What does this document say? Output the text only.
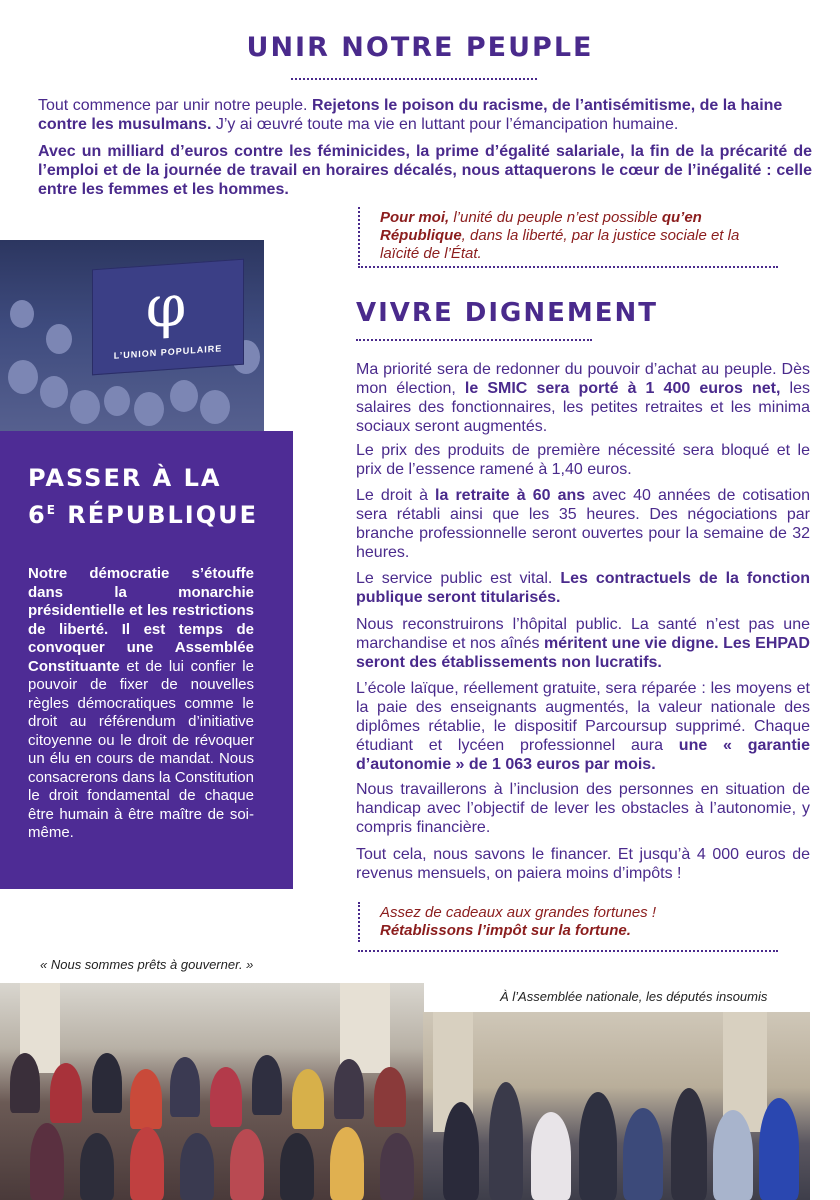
UNIR NOTRE PEUPLE
Tout commence par unir notre peuple. Rejetons le poison du racisme, de l’antisémitisme, de la haine contre les musulmans. J’y ai œuvré toute ma vie en luttant pour l’émancipation humaine.
Avec un milliard d’euros contre les féminicides, la prime d’égalité salariale, la fin de la précarité de l’emploi et de la journée de travail en horaires décalés, nous attaquerons le cœur de l’inégalité : celle entre les femmes et les hommes.
Pour moi, l’unité du peuple n’est possible qu’en République, dans la liberté, par la justice sociale et la laïcité de l’État.
φ
L’UNION POPULAIRE
PASSER À LA
$6^E$ RÉPUBLIQUE
Notre démocratie s’étouffe dans la monarchie présidentielle et les restrictions de liberté. Il est temps de convoquer une Assemblée Constituante et de lui confier le pouvoir de fixer de nouvelles règles démocratiques comme le droit au référendum d’initiative citoyenne ou le droit de révoquer un élu en cours de mandat. Nous consacrerons dans la Constitution le droit fondamental de chaque être humain à être maître de soi-même.
VIVRE DIGNEMENT
Ma priorité sera de redonner du pouvoir d’achat au peuple. Dès mon élection, le SMIC sera porté à 1 400 euros net, les salaires des fonctionnaires, les petites retraites et les minima sociaux seront augmentés.
Le prix des produits de première nécessité sera bloqué et le prix de l’essence ramené à 1,40 euros.
Le droit à la retraite à 60 ans avec 40 années de cotisation sera rétabli ainsi que les 35 heures. Des négociations par branche professionnelle seront ouvertes pour la semaine de 32 heures.
Le service public est vital. Les contractuels de la fonction publique seront titularisés.
Nous reconstruirons l’hôpital public. La santé n’est pas une marchandise et nos aînés méritent une vie digne. Les EHPAD seront des établissements non lucratifs.
L’école laïque, réellement gratuite, sera réparée : les moyens et la paie des enseignants augmentés, la valeur nationale des diplômes rétablie, le dispositif Parcoursup supprimé. Chaque étudiant et lycéen professionnel aura une « garantie d’autonomie » de 1 063 euros par mois.
Nous travaillerons à l’inclusion des personnes en situation de handicap avec l’objectif de lever les obstacles à l’autonomie, y compris financière.
Tout cela, nous savons le financer. Et jusqu’à 4 000 euros de revenus mensuels, on paiera moins d’impôts !
Assez de cadeaux aux grandes fortunes !
Rétablissons l’impôt sur la fortune.
« Nous sommes prêts à gouverner. »
À l’Assemblée nationale, les députés insoumis
